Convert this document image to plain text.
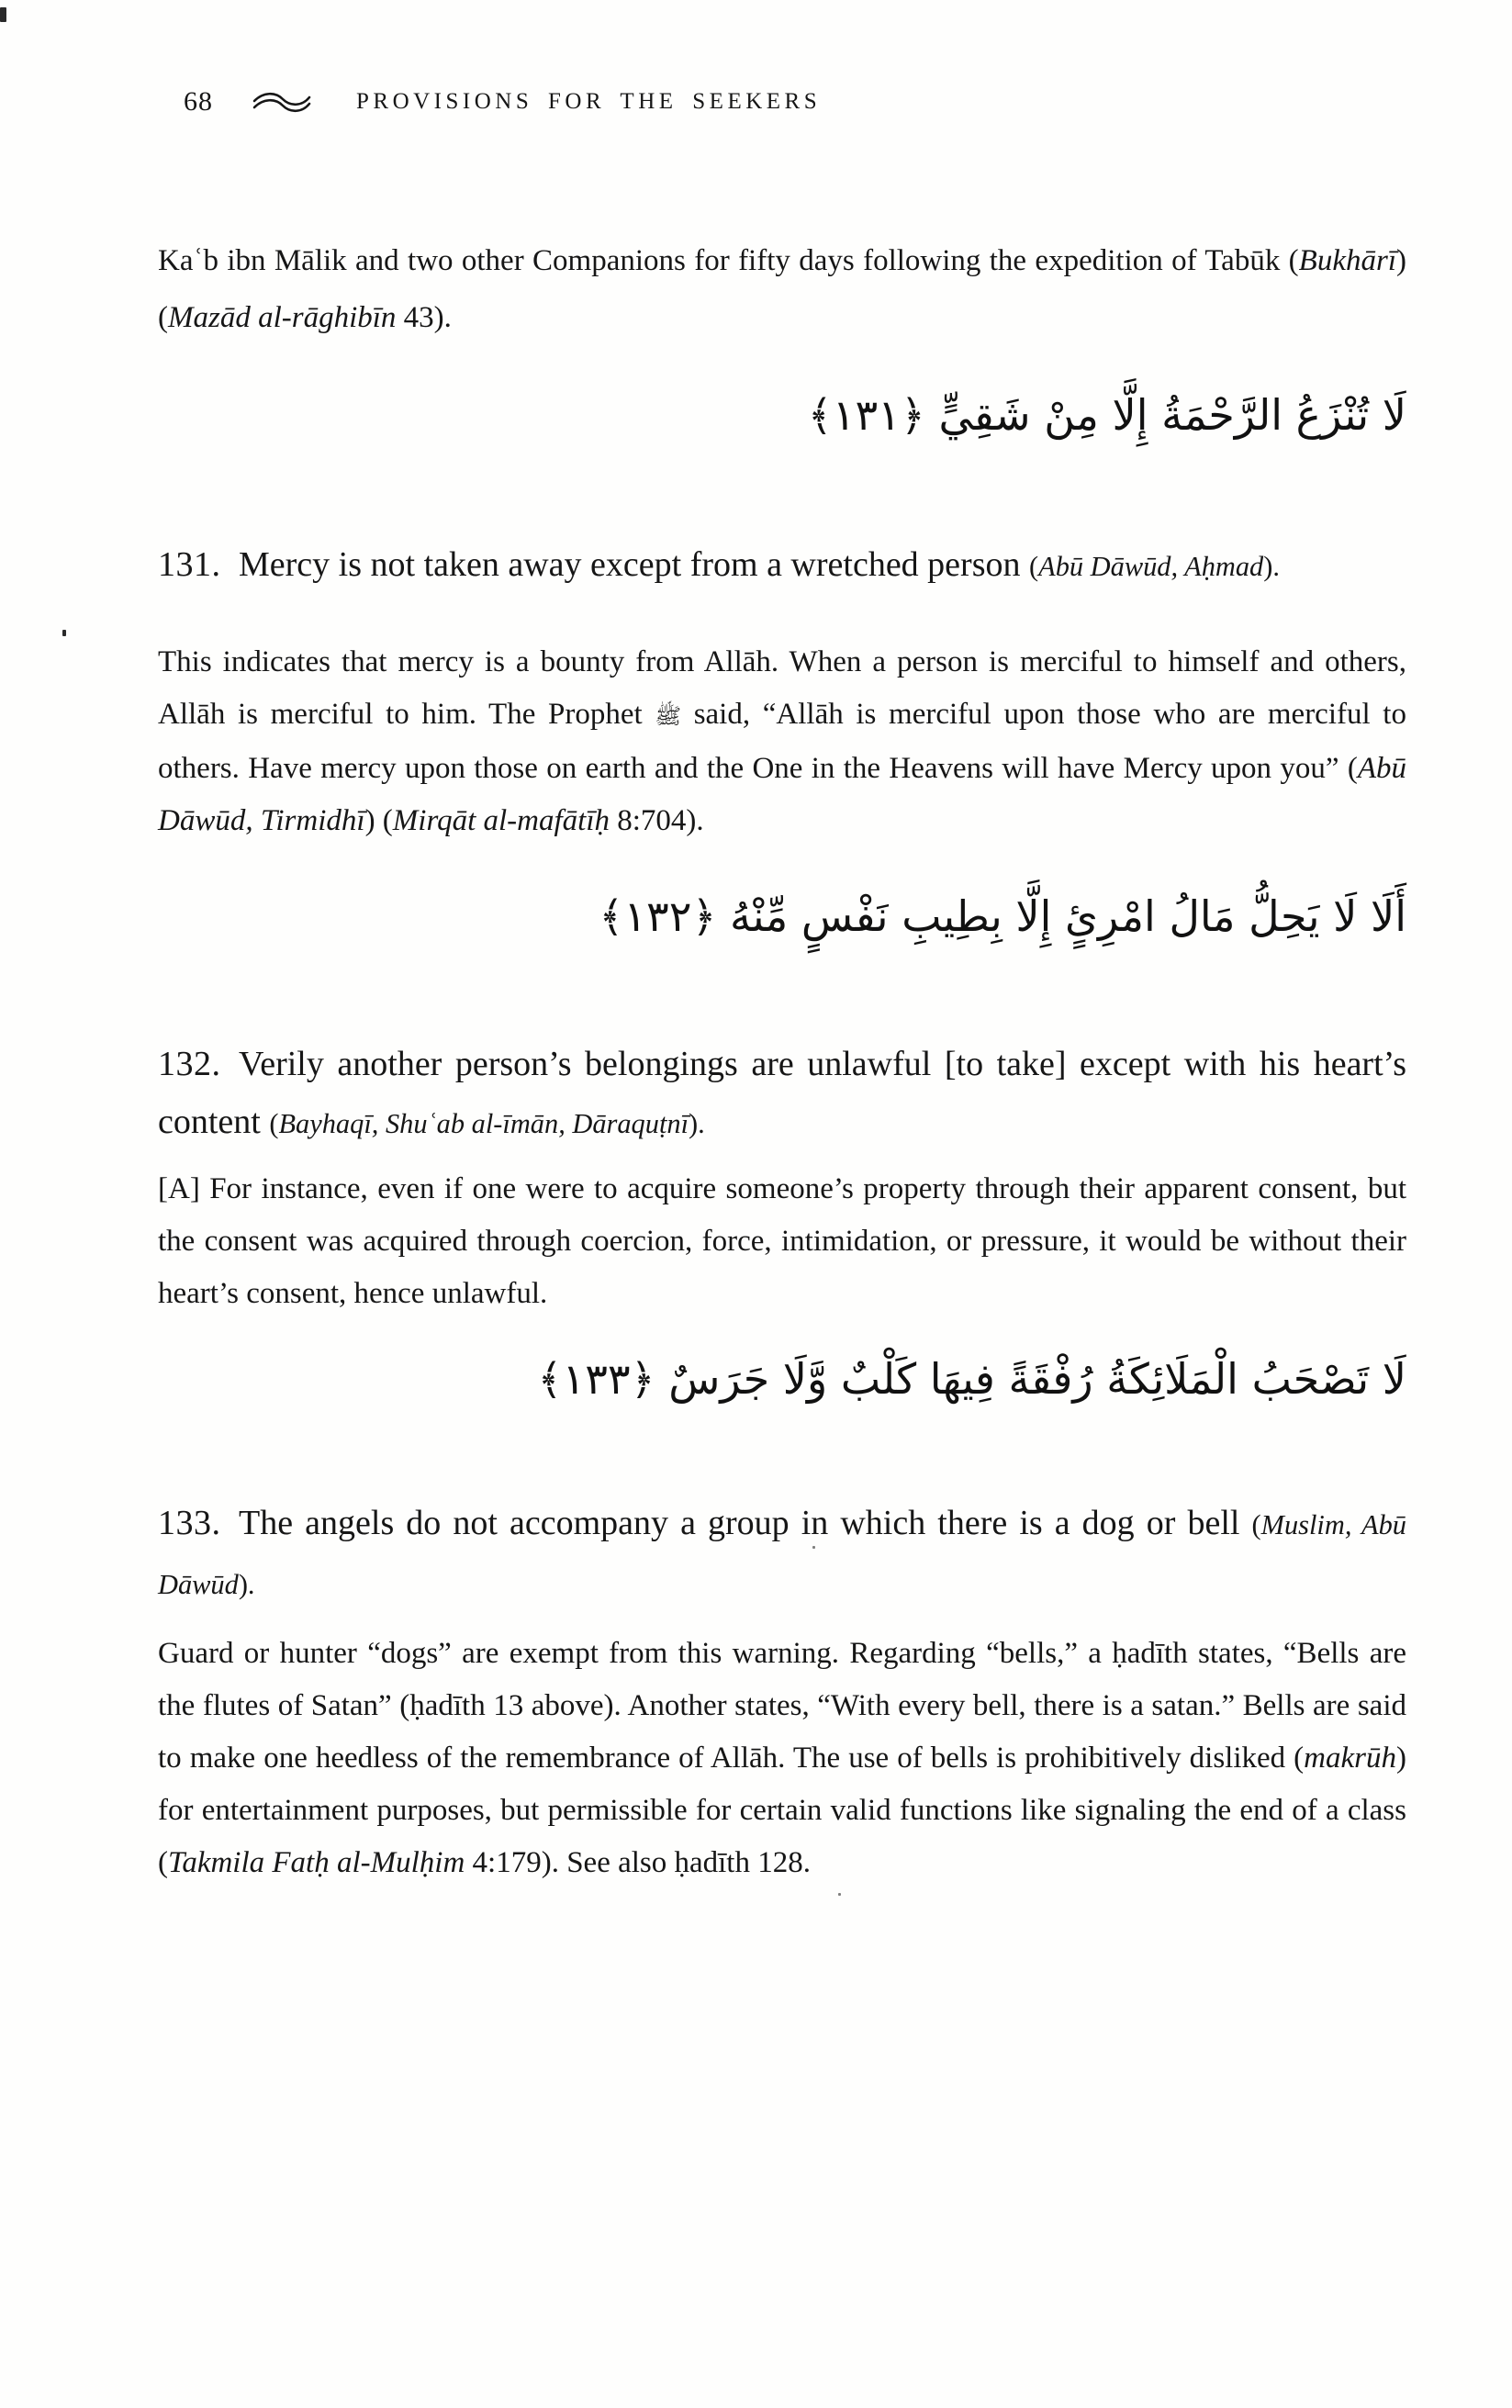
68	PROVISIONS FOR THE SEEKERS

Kaʿb ibn Mālik and two other Companions for fifty days following the expedition of Tabūk (Bukhārī) (Mazād al-rāghibīn 43).

لَا تُنْزَعُ الرَّحْمَةُ إِلَّا مِنْ شَقِيٍّ ﴿١٣١﴾

131. Mercy is not taken away except from a wretched person (Abū Dāwūd, Aḥmad).

This indicates that mercy is a bounty from Allāh. When a person is merciful to himself and others, Allāh is merciful to him. The Prophet ﷺ said, “Allāh is merciful upon those who are merciful to others. Have mercy upon those on earth and the One in the Heavens will have Mercy upon you” (Abū Dāwūd, Tirmidhī) (Mirqāt al-mafātīḥ 8:704).

أَلَا لَا يَحِلُّ مَالُ امْرِئٍ إِلَّا بِطِيبِ نَفْسٍ مِّنْهُ ﴿١٣٢﴾

132. Verily another person’s belongings are unlawful [to take] except with his heart’s content (Bayhaqī, Shuʿab al-īmān, Dāraquṭnī).

[A] For instance, even if one were to acquire someone’s property through their apparent consent, but the consent was acquired through coercion, force, intimidation, or pressure, it would be without their heart’s consent, hence unlawful.

لَا تَصْحَبُ الْمَلَائِكَةُ رُفْقَةً فِيهَا كَلْبٌ وَّلَا جَرَسٌ ﴿١٣٣﴾

133. The angels do not accompany a group in which there is a dog or bell (Muslim, Abū Dāwūd).

Guard or hunter “dogs” are exempt from this warning. Regarding “bells,” a ḥadīth states, “Bells are the flutes of Satan” (ḥadīth 13 above). Another states, “With every bell, there is a satan.” Bells are said to make one heedless of the remembrance of Allāh. The use of bells is prohibitively disliked (makrūh) for entertainment purposes, but permissible for certain valid functions like signaling the end of a class (Takmila Fatḥ al-Mulḥim 4:179). See also ḥadīth 128.
